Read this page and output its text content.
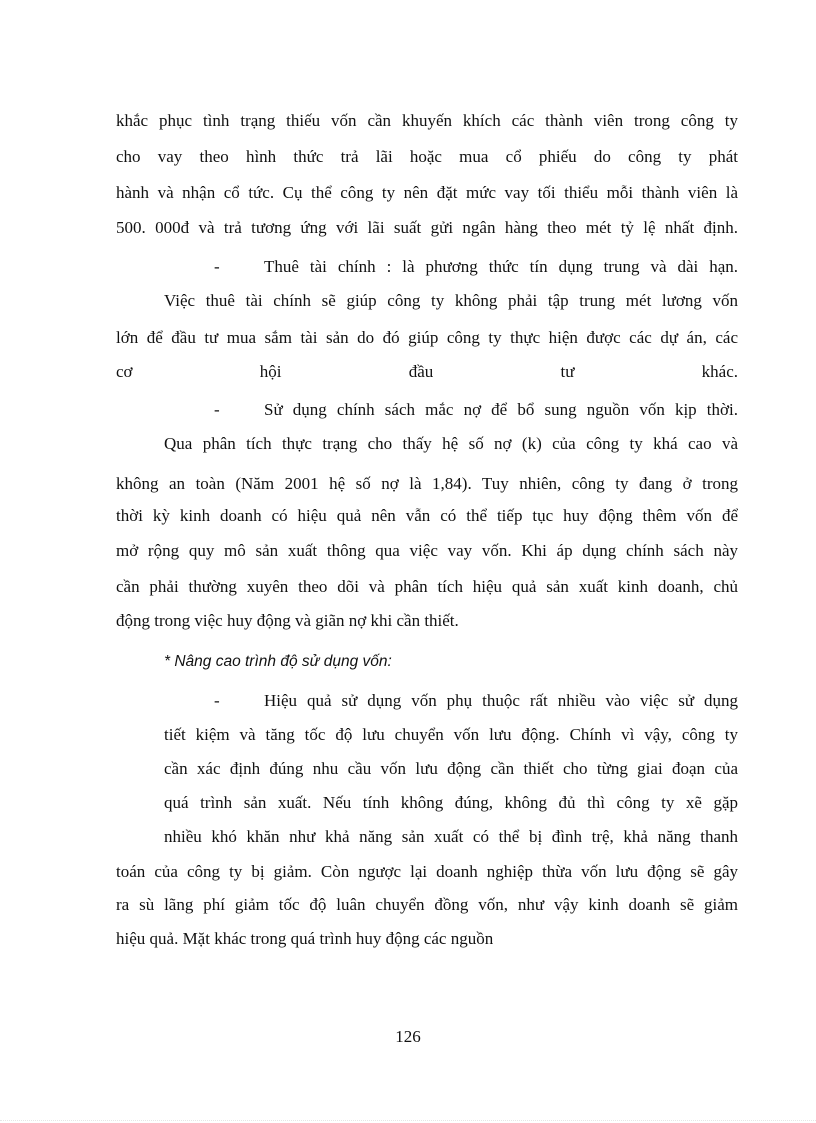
khắc phục tình trạng thiếu vốn cần khuyến khích các thành viên trong công ty
cho vay theo hình thức trả lãi hoặc mua cổ phiếu do công ty phát
hành và nhận cổ tức. Cụ thể công ty nên đặt mức vay tối thiểu mỗi thành viên là
500. 000đ và trả tương ứng với lãi suất gửi ngân hàng theo mét tỷ lệ nhất định.
-	Thuê tài chính : là phương thức tín dụng trung và dài hạn.
Việc thuê tài chính sẽ giúp công ty không phải tập trung mét lương vốn
lớn để đầu tư mua sắm tài sản do đó giúp công ty thực hiện được các dự án, các
cơ hội đầu tư khác.
-	Sử dụng chính sách mắc nợ để bổ sung nguồn vốn kịp thời.
Qua phân tích thực trạng cho thấy hệ số nợ (k) của công ty khá cao và
không an toàn (Năm 2001 hệ số nợ là 1,84). Tuy nhiên, công ty đang ở trong
thời kỳ kinh doanh có hiệu quả nên vẫn có thể tiếp tục huy động thêm vốn để
mở rộng quy mô sản xuất thông qua việc vay vốn. Khi áp dụng chính sách này
cần phải thường xuyên theo dõi và phân tích hiệu quả sản xuất kinh doanh, chủ
động trong việc huy động và giãn nợ khi cần thiết.
* Nâng cao trình độ sử dụng vốn:
-	Hiệu quả sử dụng vốn phụ thuộc rất nhiều vào việc sử dụng
tiết kiệm và tăng tốc độ lưu chuyển vốn lưu động. Chính vì vậy, công ty
cần xác định đúng nhu cầu vốn lưu động cần thiết cho từng giai đoạn của
quá trình sản xuất. Nếu tính không đúng, không đủ thì công ty xẽ gặp
nhiều khó khăn như khả năng sản xuất có thể bị đình trệ, khả năng thanh
toán của công ty bị giảm. Còn ngược lại doanh nghiệp thừa vốn lưu động sẽ gây
ra sù lãng phí giảm tốc độ luân chuyển đồng vốn, như vậy kinh doanh sẽ giảm
hiệu quả. Mặt khác trong quá trình huy động các nguồn
126
